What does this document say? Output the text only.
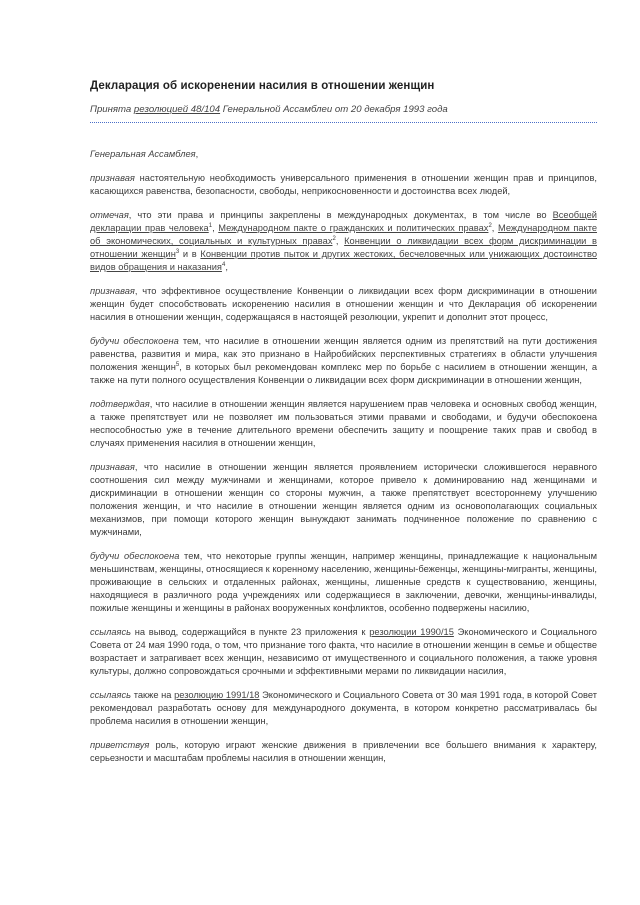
Декларация об искоренении насилия в отношении женщин
Принята резолюцией 48/104 Генеральной Ассамблеи от 20 декабря 1993 года

Генеральная Ассамблея,

признавая настоятельную необходимость универсального применения в отношении женщин прав и принципов, касающихся равенства, безопасности, свободы, неприкосновенности и достоинства всех людей,

отмечая, что эти права и принципы закреплены в международных документах, в том числе во Всеобщей декларации прав человека$^1$, Международном пакте о гражданских и политических правах$^2$, Международном пакте об экономических, социальных и культурных правах$^2$, Конвенции о ликвидации всех форм дискриминации в отношении женщин$^3$ и в Конвенции против пыток и других жестоких, бесчеловечных или унижающих достоинство видов обращения и наказания$^4$,

признавая, что эффективное осуществление Конвенции о ликвидации всех форм дискриминации в отношении женщин будет способствовать искоренению насилия в отношении женщин и что Декларация об искоренении насилия в отношении женщин, содержащаяся в настоящей резолюции, укрепит и дополнит этот процесс,

будучи обеспокоена тем, что насилие в отношении женщин является одним из препятствий на пути достижения равенства, развития и мира, как это признано в Найробийских перспективных стратегиях в области улучшения положения женщин$^5$, в которых был рекомендован комплекс мер по борьбе с насилием в отношении женщин, а также на пути полного осуществления Конвенции о ликвидации всех форм дискриминации в отношении женщин,

подтверждая, что насилие в отношении женщин является нарушением прав человека и основных свобод женщин, а также препятствует или не позволяет им пользоваться этими правами и свободами, и будучи обеспокоена неспособностью уже в течение длительного времени обеспечить защиту и поощрение таких прав и свобод в случаях применения насилия в отношении женщин,

признавая, что насилие в отношении женщин является проявлением исторически сложившегося неравного соотношения сил между мужчинами и женщинами, которое привело к доминированию над женщинами и дискриминации в отношении женщин со стороны мужчин, а также препятствует всестороннему улучшению положения женщин, и что насилие в отношении женщин является одним из основополагающих социальных механизмов, при помощи которого женщин вынуждают занимать подчиненное положение по сравнению с мужчинами,

будучи обеспокоена тем, что некоторые группы женщин, например женщины, принадлежащие к национальным меньшинствам, женщины, относящиеся к коренному населению, женщины-беженцы, женщины-мигранты, женщины, проживающие в сельских и отдаленных районах, женщины, лишенные средств к существованию, женщины, находящиеся в различного рода учреждениях или содержащиеся в заключении, девочки, женщины-инвалиды, пожилые женщины и женщины в районах вооруженных конфликтов, особенно подвержены насилию,

ссылаясь на вывод, содержащийся в пункте 23 приложения к резолюции 1990/15 Экономического и Социального Совета от 24 мая 1990 года, о том, что признание того факта, что насилие в отношении женщин в семье и обществе возрастает и затрагивает всех женщин, независимо от имущественного и социального положения, а также уровня культуры, должно сопровождаться срочными и эффективными мерами по ликвидации насилия,

ссылаясь также на резолюцию 1991/18 Экономического и Социального Совета от 30 мая 1991 года, в которой Совет рекомендовал разработать основу для международного документа, в котором конкретно рассматривалась бы проблема насилия в отношении женщин,

приветствуя роль, которую играют женские движения в привлечении все большего внимания к характеру, серьезности и масштабам проблемы насилия в отношении женщин,
